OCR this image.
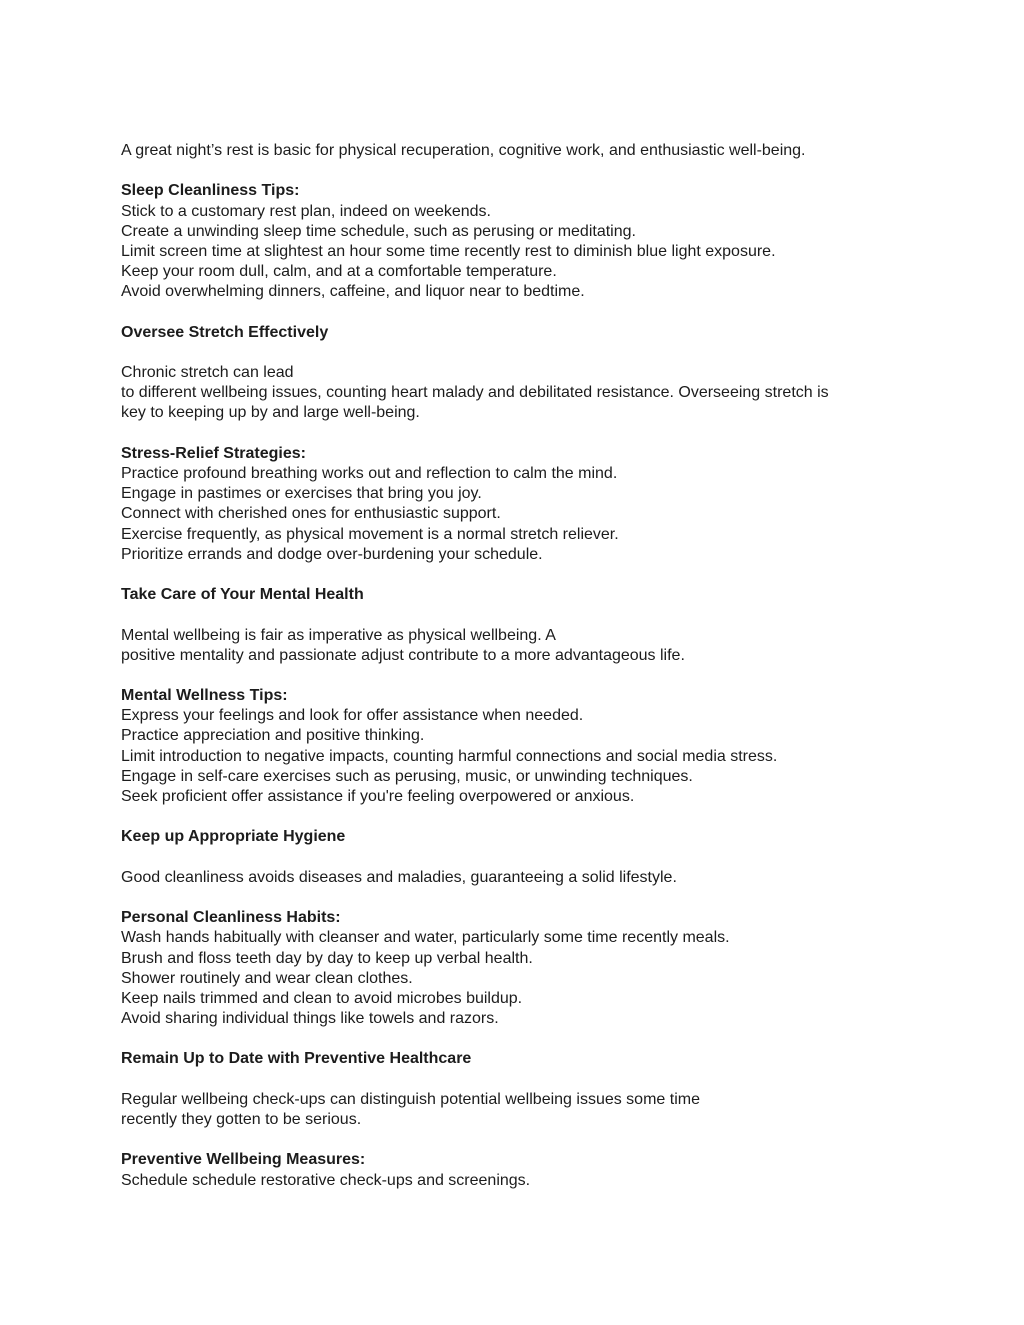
A great night’s rest is basic for physical recuperation, cognitive work, and enthusiastic well-being.
Sleep Cleanliness Tips:
Stick to a customary rest plan, indeed on weekends.
Create a unwinding sleep time schedule, such as perusing or meditating.
Limit screen time at slightest an hour some time recently rest to diminish blue light exposure.
Keep your room dull, calm, and at a comfortable temperature.
Avoid overwhelming dinners, caffeine, and liquor near to bedtime.
Oversee Stretch Effectively
Chronic stretch can lead
to different wellbeing issues, counting heart malady and debilitated resistance. Overseeing stretch is
key to keeping up by and large well-being.
Stress-Relief Strategies:
Practice profound breathing works out and reflection to calm the mind.
Engage in pastimes or exercises that bring you joy.
Connect with cherished ones for enthusiastic support.
Exercise frequently, as physical movement is a normal stretch reliever.
Prioritize errands and dodge over-burdening your schedule.
Take Care of Your Mental Health
Mental wellbeing is fair as imperative as physical wellbeing. A
positive mentality and passionate adjust contribute to a more advantageous life.
Mental Wellness Tips:
Express your feelings and look for offer assistance when needed.
Practice appreciation and positive thinking.
Limit introduction to negative impacts, counting harmful connections and social media stress.
Engage in self-care exercises such as perusing, music, or unwinding techniques.
Seek proficient offer assistance if you're feeling overpowered or anxious.
Keep up Appropriate Hygiene
Good cleanliness avoids diseases and maladies, guaranteeing a solid lifestyle.
Personal Cleanliness Habits:
Wash hands habitually with cleanser and water, particularly some time recently meals.
Brush and floss teeth day by day to keep up verbal health.
Shower routinely and wear clean clothes.
Keep nails trimmed and clean to avoid microbes buildup.
Avoid sharing individual things like towels and razors.
Remain Up to Date with Preventive Healthcare
Regular wellbeing check-ups can distinguish potential wellbeing issues some time
recently they gotten to be serious.
Preventive Wellbeing Measures:
Schedule schedule restorative check-ups and screenings.
